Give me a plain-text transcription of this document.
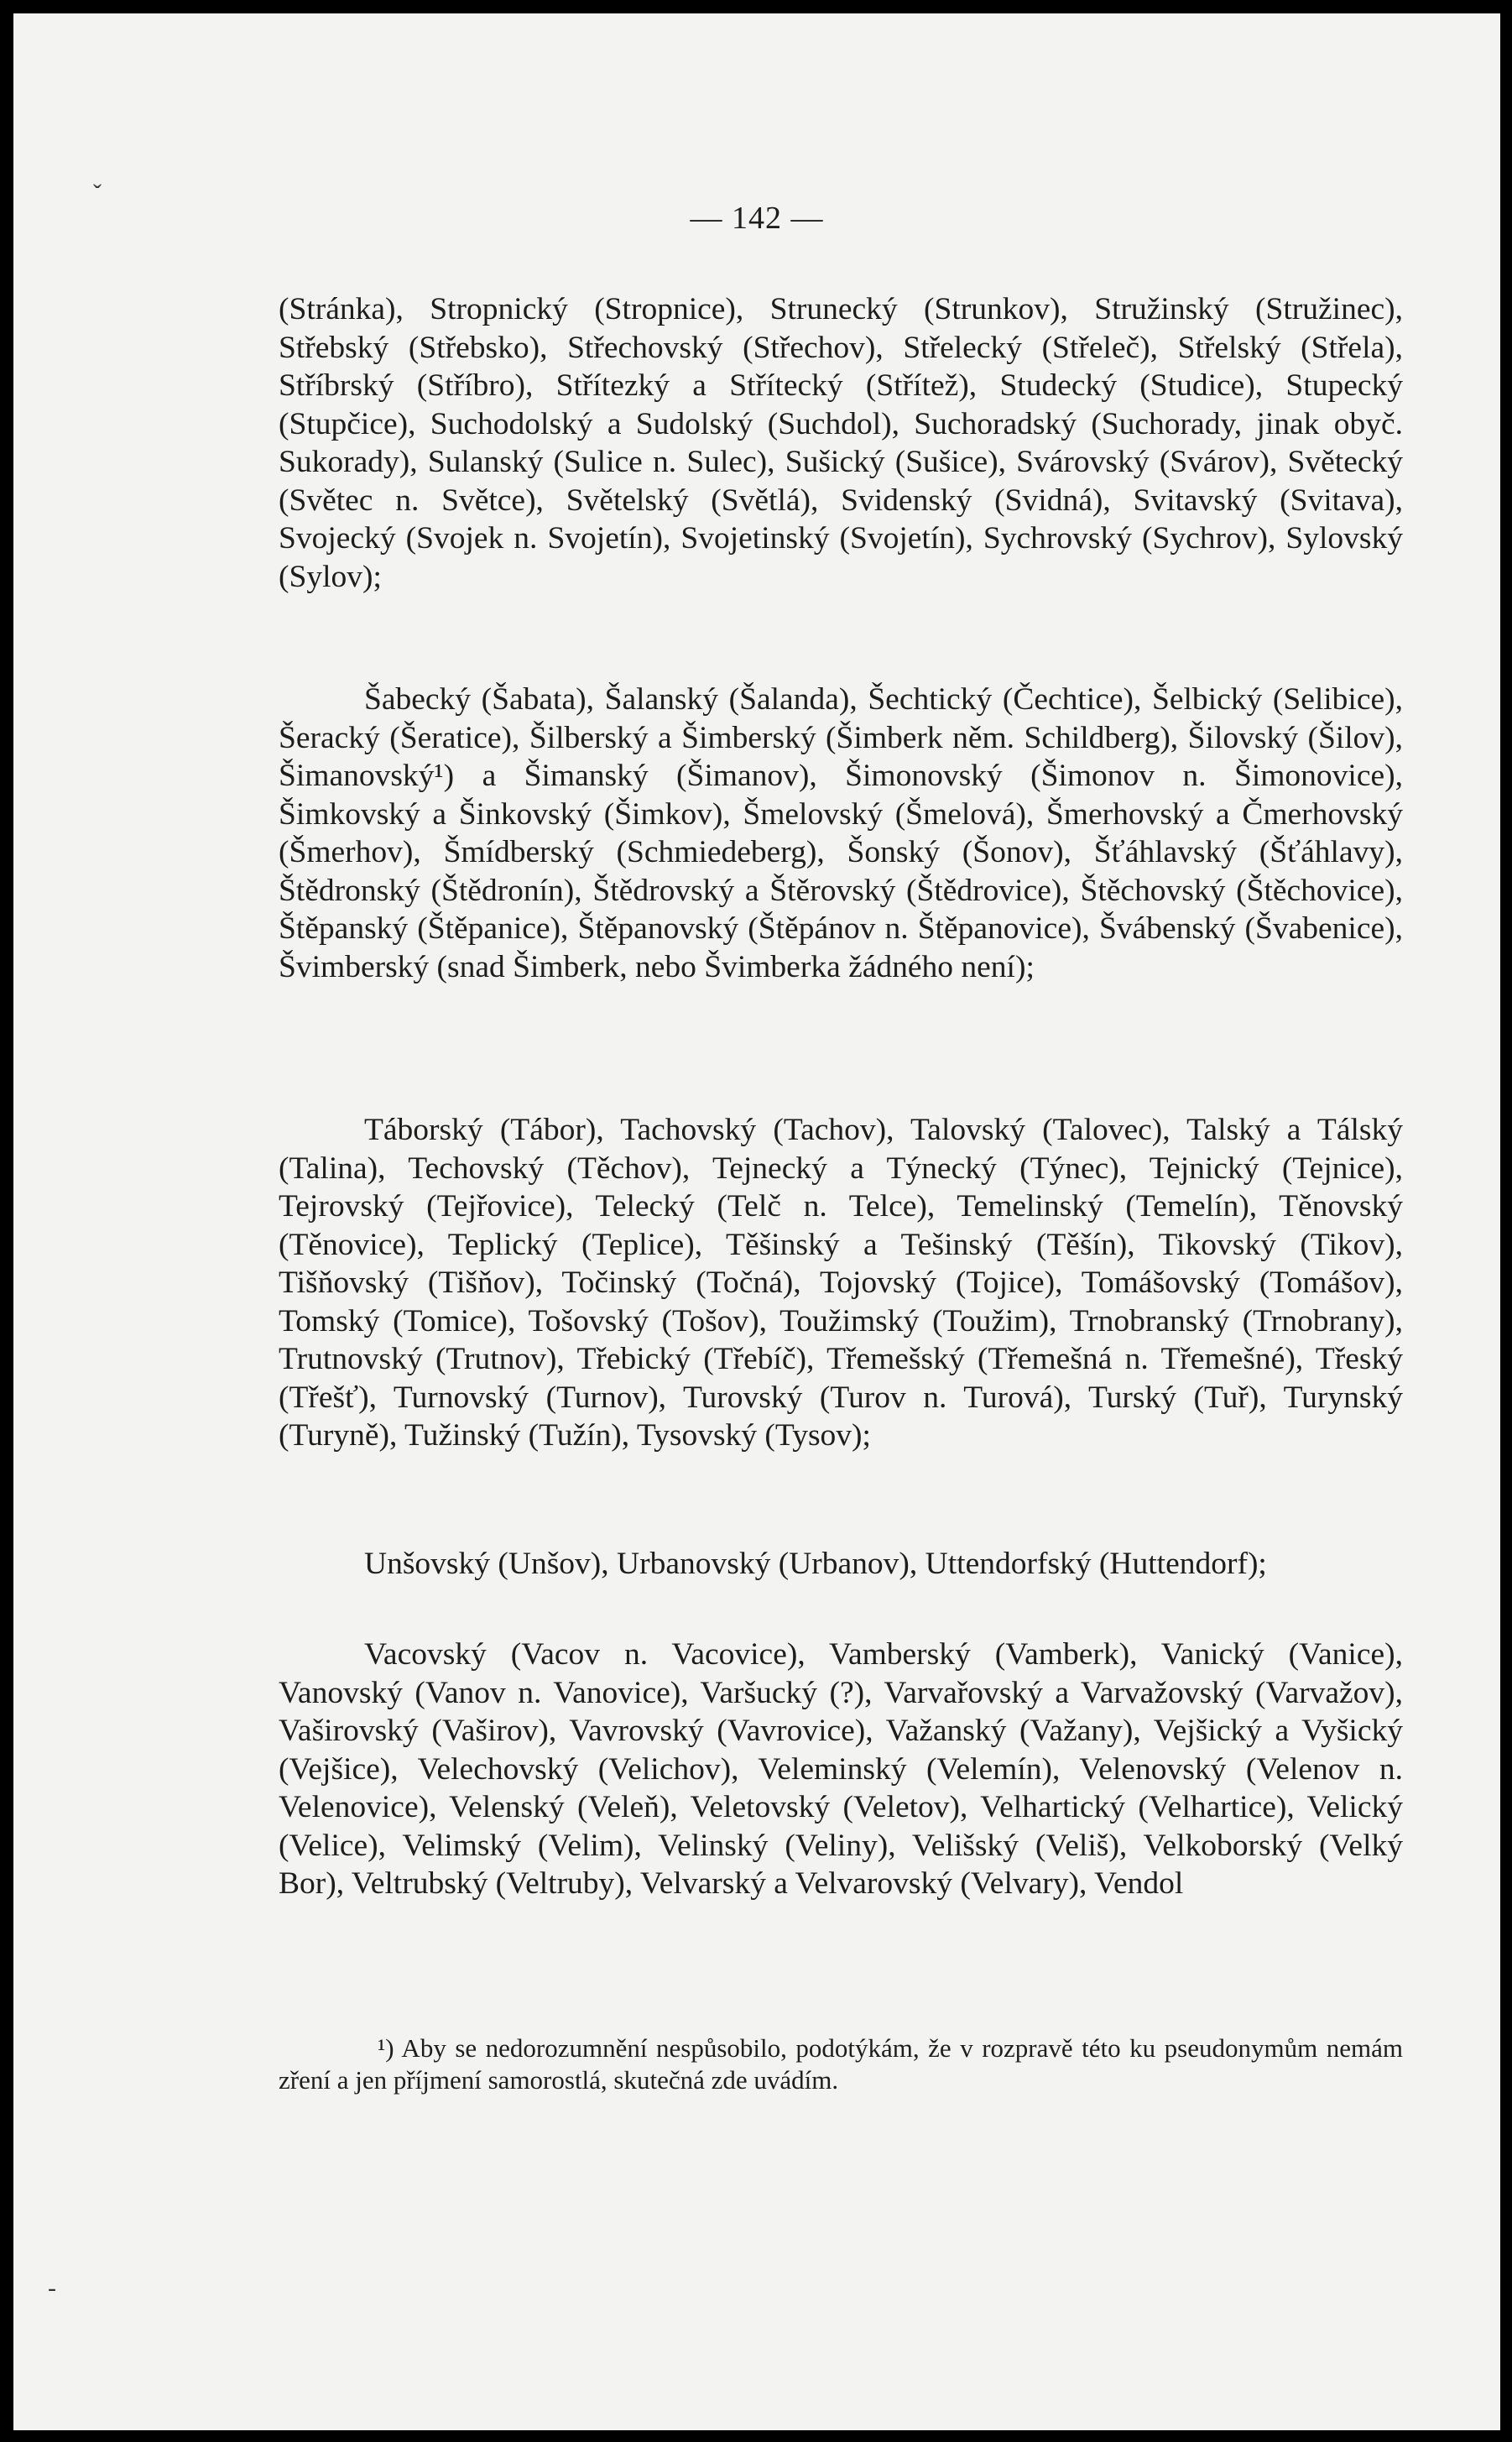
ˇ
— 142 —

(Stránka), Stropnický (Stropnice), Strunecký (Strunkov), Stružinský (Stružinec), Střebský (Střebsko), Střechovský (Střechov), Střelecký (Střeleč), Střelský (Střela), Stříbrský (Stříbro), Střítezký a Střítecký (Střítež), Studecký (Studice), Stupecký (Stupčice), Suchodolský a Sudolský (Suchdol), Suchoradský (Suchorady, jinak obyč. Sukorady), Sulanský (Sulice n. Sulec), Sušický (Sušice), Svárovský (Svárov), Světecký (Světec n. Světce), Světelský (Světlá), Svidenský (Svidná), Svitavský (Svitava), Svojecký (Svojek n. Svojetín), Svojetinský (Svojetín), Sychrovský (Sychrov), Sylovský (Sylov);

Šabecký (Šabata), Šalanský (Šalanda), Šechtický (Čechtice), Šelbický (Selibice), Šeracký (Šeratice), Šilberský a Šimberský (Šimberk něm. Schildberg), Šilovský (Šilov), Šimanovský¹) a Šimanský (Šimanov), Šimonovský (Šimonov n. Šimonovice), Šimkovský a Šinkovský (Šimkov), Šmelovský (Šmelová), Šmerhovský a Čmerhovský (Šmerhov), Šmídberský (Schmiedeberg), Šonský (Šonov), Šťáhlavský (Šťáhlavy), Štědronský (Štědronín), Štědrovský a Štěrovský (Štědrovice), Štěchovský (Štěchovice), Štěpanský (Štěpanice), Štěpanovský (Štěpánov n. Štěpanovice), Švábenský (Švabenice), Švimberský (snad Šimberk, nebo Švimberka žádného není);

Táborský (Tábor), Tachovský (Tachov), Talovský (Talovec), Talský a Tálský (Talina), Techovský (Těchov), Tejnecký a Týnecký (Týnec), Tejnický (Tejnice), Tejrovský (Tejřovice), Telecký (Telč n. Telce), Temelinský (Temelín), Těnovský (Těnovice), Teplický (Teplice), Těšinský a Tešinský (Těšín), Tikovský (Tikov), Tišňovský (Tišňov), Točinský (Točná), Tojovský (Tojice), Tomášovský (Tomášov), Tomský (Tomice), Tošovský (Tošov), Toužimský (Toužim), Trnobranský (Trnobrany), Trutnovský (Trutnov), Třebický (Třebíč), Třemešský (Třemešná n. Třemešné), Třeský (Třešť), Turnovský (Turnov), Turovský (Turov n. Turová), Turský (Tuř), Turynský (Turyně), Tužinský (Tužín), Tysovský (Tysov);

Unšovský (Unšov), Urbanovský (Urbanov), Uttendorfský (Huttendorf);

Vacovský (Vacov n. Vacovice), Vamberský (Vamberk), Vanický (Vanice), Vanovský (Vanov n. Vanovice), Varšucký (?), Varvařovský a Varvažovský (Varvažov), Vaširovský (Vaširov), Vavrovský (Vavrovice), Važanský (Važany), Vejšický a Vyšický (Vejšice), Velechovský (Velichov), Veleminský (Velemín), Velenovský (Velenov n. Velenovice), Velenský (Veleň), Veletovský (Veletov), Velhartický (Velhartice), Velický (Velice), Velimský (Velim), Velinský (Veliny), Velišský (Veliš), Velkoborský (Velký Bor), Veltrubský (Veltruby), Velvarský a Velvarovský (Velvary), Vendol

¹) Aby se nedorozumnění nespůsobilo, podotýkám, že v rozpravě této ku pseudonymům nemám zření a jen příjmení samorostlá, skutečná zde uvádím.
-
